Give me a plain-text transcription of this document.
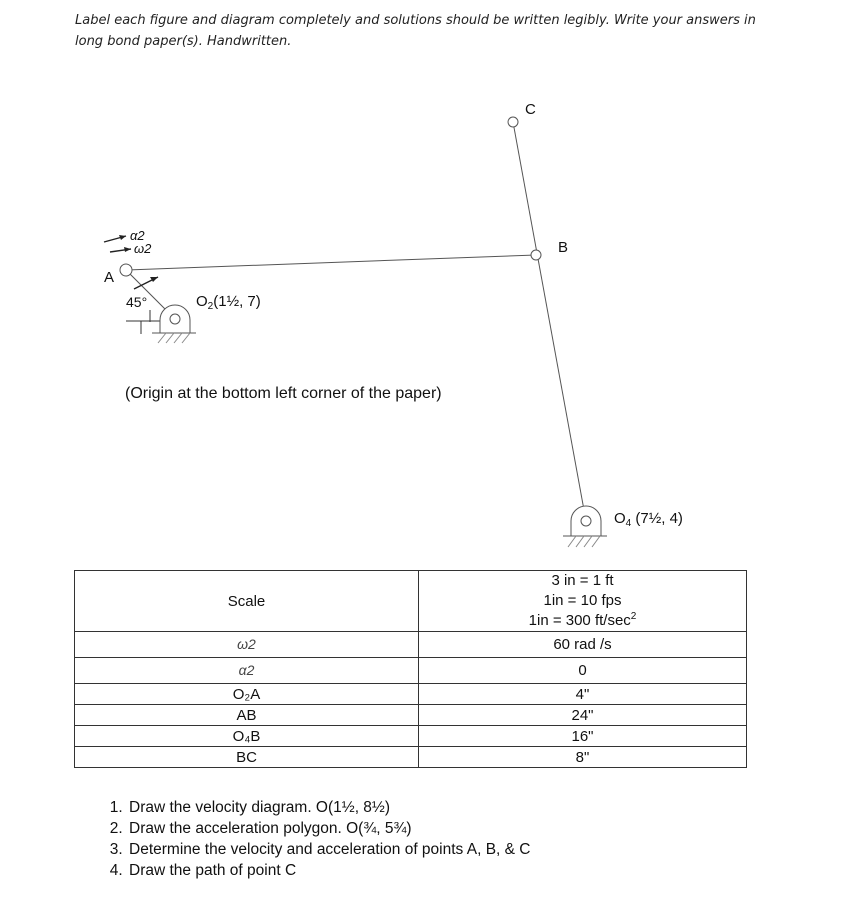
Label each figure and diagram completely and solutions should be written legibly. Write your answers in
long bond paper(s). Handwritten.
45°
α2
ω2
A
B
C
$O_2(1\frac{1}{2}$, 7)
$O_4$ (7½, 4)
(Origin at the bottom left corner of the paper)
Scale	3 in = 1 ft
1in = 10 fps
1in = 300 $ft/\sec^2$

ω2	60 rad /s
α2	0
O₂A	4"
AB	24"
O₄B	16"
BC	8"
1. Draw the velocity diagram. O(1½, 8½)
2. Draw the acceleration polygon. O(¾, 5¾)
3. Determine the velocity and acceleration of points A, B, & C
4. Draw the path of point C
